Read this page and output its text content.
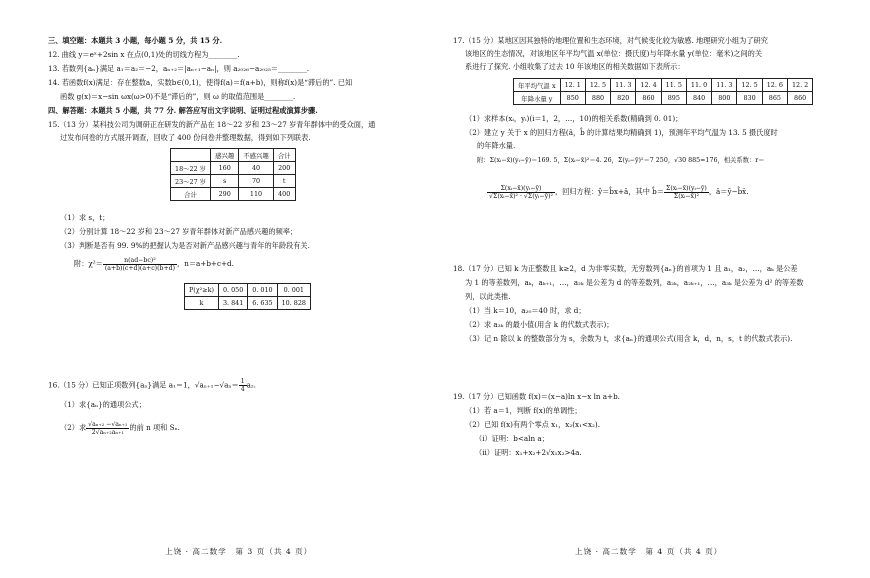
三、填空题：本题共 3 小题，每小题 5 分，共 15 分.
12. 曲线 y＝eˣ+2sin x 在点(0,1)处的切线方程为________.
13. 若数列{aₙ}满足 a₁＝a₂＝−2，aₙ₊₂＝|aₙ₊₁−aₙ|，则 a₂₀₂₆−a₂₀₂₅＝________.
14. 若函数f(x)满足：存在整数a，实数b∈(0,1)，使得f(a)＝f(a+b)，则称f(x)是“滞后的”. 已知
函数 g(x)＝x−sin ωx(ω>0)不是“滞后的”，则 ω 的取值范围是________.
四、解答题：本题共 5 小题，共 77 分. 解答应写出文字说明、证明过程或演算步骤.
15.（13 分）某科技公司为调研正在研发的新产品在 18～22 岁和 23～27 岁青年群体中的受众面，通
过发布问卷的方式展开调查，回收了 400 份问卷并整理数据，得到如下列联表.
	感兴趣	不感兴趣	合计
18～22 岁	160	40	200
23～27 岁	s	70	t
合计	290	110	400
（1）求 s，t；
（2）分别计算 18～22 岁和 23～27 岁青年群体对新产品感兴趣的频率；
（3）判断是否有 99. 9%的把握认为是否对新产品感兴趣与青年的年龄段有关.
附：$\chi^2= \frac{\text{n(ad−bc)²}}{(a+b)(c+d)(a+c)(b+d)}$ ，n＝a+b+c+d.
P(χ²≥k)	0. 050	0. 010	0. 001
k	3. 841	6. 635	10. 828
16.（15 分）已知正项数列{aₙ}满足 a₁＝1，$√a_{n+1}-√a_n= \frac{1}{4} a_2$.
（1）求{aₙ}的通项公式；
（2）求 $\frac{\text{√aₙ₊₂ −√aₙ₊₁}}{\text{2√aₙ₊₂aₙ₊₁}}$ 的前 n 项和 Sₙ.
上饶 · 高二数学　第 3 页（共 4 页）
17.（15 分）某地区因其独特的地理位置和生态环境，对气候变化较为敏感. 地理研究小组为了研究
该地区的生态情况，对该地区年平均气温 x(单位：摄氏度)与年降水量 y(单位：毫米)之间的关
系进行了探究. 小组收集了过去 10 年该地区的相关数据如下表所示：
年平均气温 x	12. 1	12. 5	11. 3	12. 4	11. 5	11. 0	11. 3	12. 5	12. 6	12. 2
年降水量 y	850	880	820	860	895	840	800	830	865	860
（1）求样本(xᵢ，yᵢ)(i＝1，2，…，10)的相关系数(精确到 0. 01)；
（2）建立 y 关于 x 的回归方程(â，b̂ 的计算结果均精确到 1)，预测年平均气温为 13. 5 摄氏度时
的年降水量.
附：Σ(xᵢ−x̄)(yᵢ−ȳ)＝169. 5，Σ(xᵢ−x̄)²＝4. 26，Σ(yᵢ−ȳ)²＝7 250，√30 885≈176，相关系数：r＝
$\frac{\text{Σ(xᵢ−x̄)(yᵢ−ȳ)}}{\text{√Σ(xᵢ−x̄)² · √Σ(yᵢ−ȳ)²}}$ ，回归方程：ŷ＝b̂x+â，其中 b̂＝ $\frac{\text{Σ(xᵢ−x̄)(yᵢ−ȳ)}}{\text{Σ(xᵢ−x̄)²}}$ ，â＝ȳ−b̂x̄.
18.（17 分）已知 k 为正整数且 k≥2，d 为非零实数，无穷数列{aₙ}的首项为 1 且 a₁，a₂，…，aₖ 是公差
为 1 的等差数列，aₖ，aₖ₊₁，…，a₂ₖ 是公差为 d 的等差数列，a₂ₖ，a₂ₖ₊₁，…，a₃ₖ 是公差为 d² 的等差数
列，以此类推.
（1）当 k＝10，a₂₀＝40 时，求 d；
（2）求 a₃ₖ 的最小值(用含 k 的代数式表示)；
（3）记 n 除以 k 的整数部分为 s，余数为 t，求{aₙ}的通项公式(用含 k，d，n，s，t 的代数式表示).
19.（17 分）已知函数 f(x)＝(x−a)ln x−x ln a+b.
（1）若 a＝1，判断 f(x)的单调性；
（2）已知 f(x)有两个零点 x₁，x₂(x₁<x₂).
（i）证明：b<aln a；
（ii）证明：x₁+x₂+2√x₁x₂>4a.
上饶 · 高二数学　第 4 页（共 4 页）
